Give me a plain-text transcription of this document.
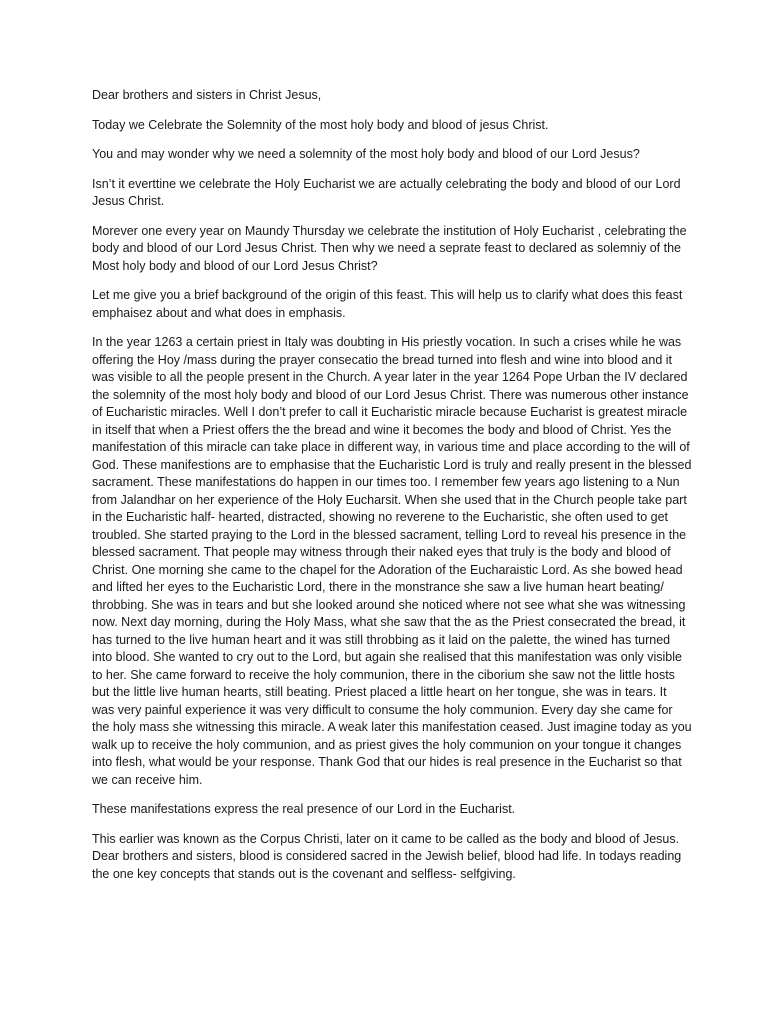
Dear brothers and sisters in Christ Jesus,

Today we Celebrate the Solemnity of the most holy body and blood of jesus Christ.

You and may wonder why we need a solemnity of the most holy body and blood of our Lord Jesus?

Isn’t it everttine we celebrate the Holy Eucharist we are actually celebrating the body and blood of our Lord Jesus Christ.

Morever one every year on Maundy Thursday we celebrate the institution of Holy Eucharist , celebrating the body and blood of our Lord Jesus Christ. Then why we need a seprate feast to declared as solemniy of the Most holy body and blood of our Lord Jesus Christ?

Let me give you a brief background of the origin of this feast. This will help us to clarify what does this feast emphaisez about and what does in emphasis.

In the year 1263 a certain priest in Italy was doubting in His priestly vocation. In such a crises while he was offering the Hoy /mass during the prayer consecatio the bread turned into flesh and wine into blood and it was visible to all the people present in the Church. A year later in the year 1264 Pope Urban the IV declared the solemnity of the most holy body and blood of our Lord Jesus Christ. There was numerous other instance of Eucharistic miracles. Well I don’t prefer to call it Eucharistic miracle because Eucharist is greatest miracle in itself that when a Priest offers the the bread and wine it becomes the body and blood of Christ. Yes the manifestation of this miracle can take place in different way, in various time and place according to the will of God. These manifestions are to emphasise that the Eucharistic Lord is truly and really present in the blessed sacrament. These manifestations do happen in our times too. I remember few years ago listening to a Nun from Jalandhar on her experience of the Holy Eucharsit. When she used that in the Church people take part in the Eucharistic half- hearted, distracted, showing no reverene to the Eucharistic, she often used to get troubled. She started praying to the Lord in the blessed sacrament, telling Lord to reveal his presence in the blessed sacrament. That people may witness through their naked eyes that truly is the body and blood of Christ. One morning she came to the chapel for the Adoration of the Eucharaistic Lord. As she bowed head and lifted her eyes to the Eucharistic Lord, there in the monstrance she saw a live human heart beating/ throbbing. She was in tears and but she looked around she noticed where not see what she was witnessing now. Next day morning, during the Holy Mass, what she saw that the as the Priest consecrated the bread, it has turned to the live human heart and it was still throbbing as it laid on the palette, the wined has turned into blood. She wanted to cry out to the Lord, but again she realised that this manifestation was only visible to her. She came forward to receive the holy communion, there in the ciborium she saw not the little hosts but the little live human hearts, still beating. Priest placed a little heart on her tongue, she was in tears. It was very painful experience it was very difficult to consume the holy communion. Every day she came for the holy mass she witnessing this miracle. A weak later this manifestation ceased. Just imagine today as you walk up to receive the holy communion, and as priest gives the holy communion on your tongue it changes into flesh, what would be your response. Thank God that our hides is real presence in the Eucharist so that we can receive him.

These manifestations express the real presence of our Lord in the Eucharist.

This earlier was known as the Corpus Christi, later on it came to be called as the body and blood of Jesus. Dear brothers and sisters, blood is considered sacred in the Jewish belief, blood had life. In todays reading the one key concepts that stands out is the covenant and selfless- selfgiving.
